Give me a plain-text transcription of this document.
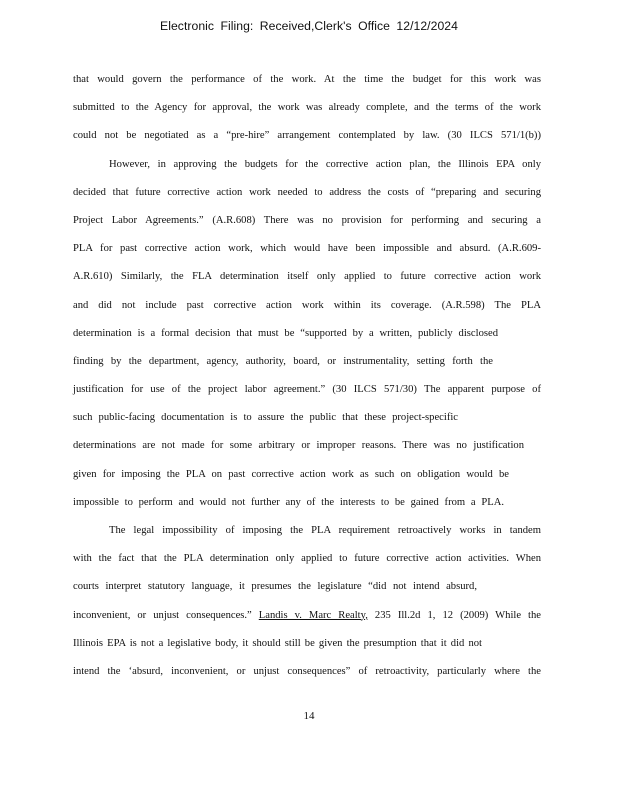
Electronic Filing: Received,Clerk's Office 12/12/2024
that would govern the performance of the work. At the time the budget for this work was
submitted to the Agency for approval, the work was already complete, and the terms of the work
could not be negotiated as a “pre-hire” arrangement contemplated by law. (30 ILCS 571/1(b))
However, in approving the budgets for the corrective action plan, the Illinois EPA only
decided that future corrective action work needed to address the costs of “preparing and securing
Project Labor Agreements.” (A.R.608) There was no provision for performing and securing a
PLA for past corrective action work, which would have been impossible and absurd. (A.R.609-
A.R.610) Similarly, the FLA determination itself only applied to future corrective action work
and did not include past corrective action work within its coverage. (A.R.598) The PLA
determination is a formal decision that must be “supported by a written, publicly disclosed
finding by the department, agency, authority, board, or instrumentality, setting forth the
justification for use of the project labor agreement.” (30 ILCS 571/30) The apparent purpose of
such public-facing documentation is to assure the public that these project-specific
determinations are not made for some arbitrary or improper reasons. There was no justification
given for imposing the PLA on past corrective action work as such on obligation would be
impossible to perform and would not further any of the interests to be gained from a PLA.
The legal impossibility of imposing the PLA requirement retroactively works in tandem
with the fact that the PLA determination only applied to future corrective action activities. When
courts interpret statutory language, it presumes the legislature “did not intend absurd,
inconvenient, or unjust consequences.” Landis v. Marc Realty, 235 Ill.2d 1, 12 (2009) While the
Illinois EPA is not a legislative body, it should still be given the presumption that it did not
intend the ‘absurd, inconvenient, or unjust consequences” of retroactivity, particularly where the
14
